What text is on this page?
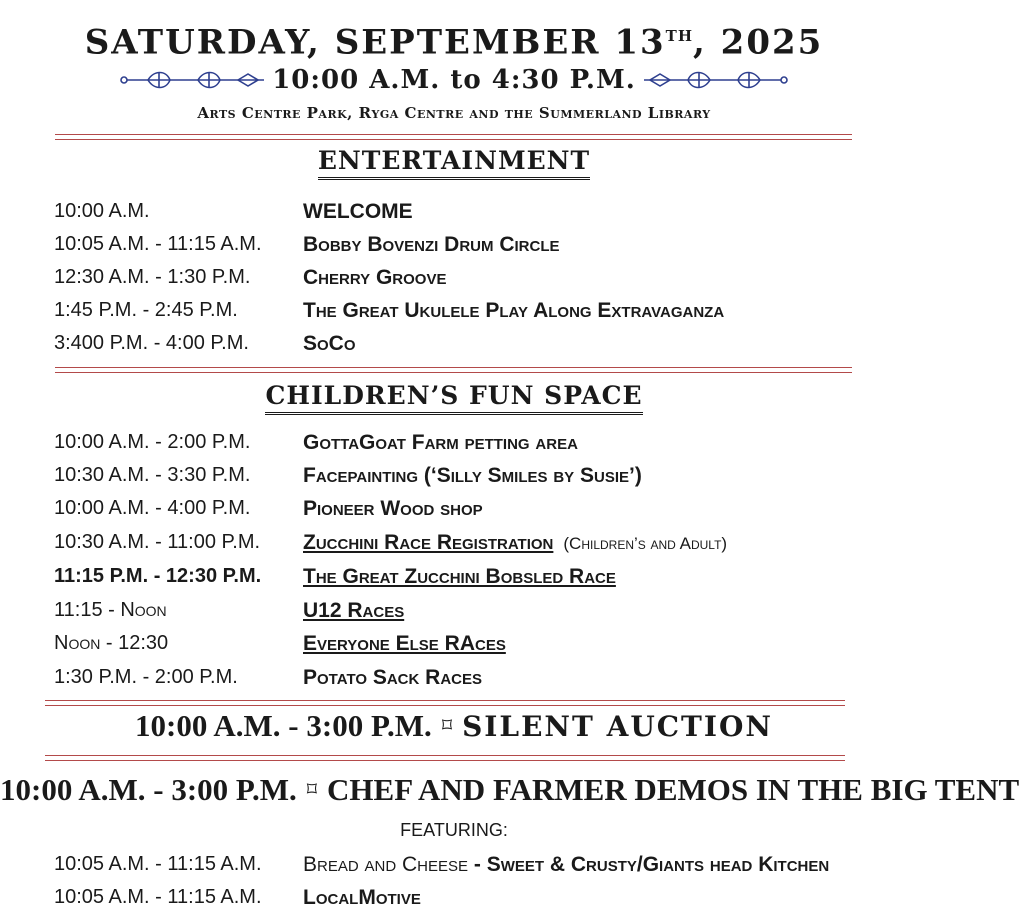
SATURDAY, SEPTEMBER 13TH, 2025
10:00 A.M. to 4:30 P.M.
Arts Centre Park, Ryga Centre and the Summerland Library
ENTERTAINMENT
10:00 A.M.	WELCOME
10:05 A.M. - 11:15 A.M. Bobby Bovenzi Drum Circle
12:30 A.M. - 1:30 P.M.	Cherry Groove
1:45 P.M. - 2:45 P.M.	The Great Ukulele Play Along Extravaganza
3:400 P.M. - 4:00 P.M.	SoCo
CHILDREN’S FUN SPACE
10:00 A.M. - 2:00 P.M.	GottaGoat Farm petting area
10:30 A.M. - 3:30 P.M.	Facepainting (‘Silly Smiles by Susie’)
10:00 A.M. - 4:00 P.M.	Pioneer Wood shop
10:30 A.M. - 11:00 P.M. Zucchini Race Registration (Children’s and Adult)
11:15 P.M. - 12:30 P.M. The Great Zucchini Bobsled Race
11:15 - Noon	U12 Races
Noon - 12:30	Everyone Else RAces
1:30 P.M. - 2:00 P.M.	Potato Sack Races
10:00 A.M. - 3:00 P.M. ⌑ SILENT AUCTION
10:00 A.M. - 3:00 P.M. ⌑ CHEF AND FARMER DEMOS IN THE BIG TENT
FEATURING:
10:05 A.M. - 11:15 A.M. Bread and Cheese - Sweet & Crusty/Giants head Kitchen
10:05 A.M. - 11:15 A.M. LocalMotive
